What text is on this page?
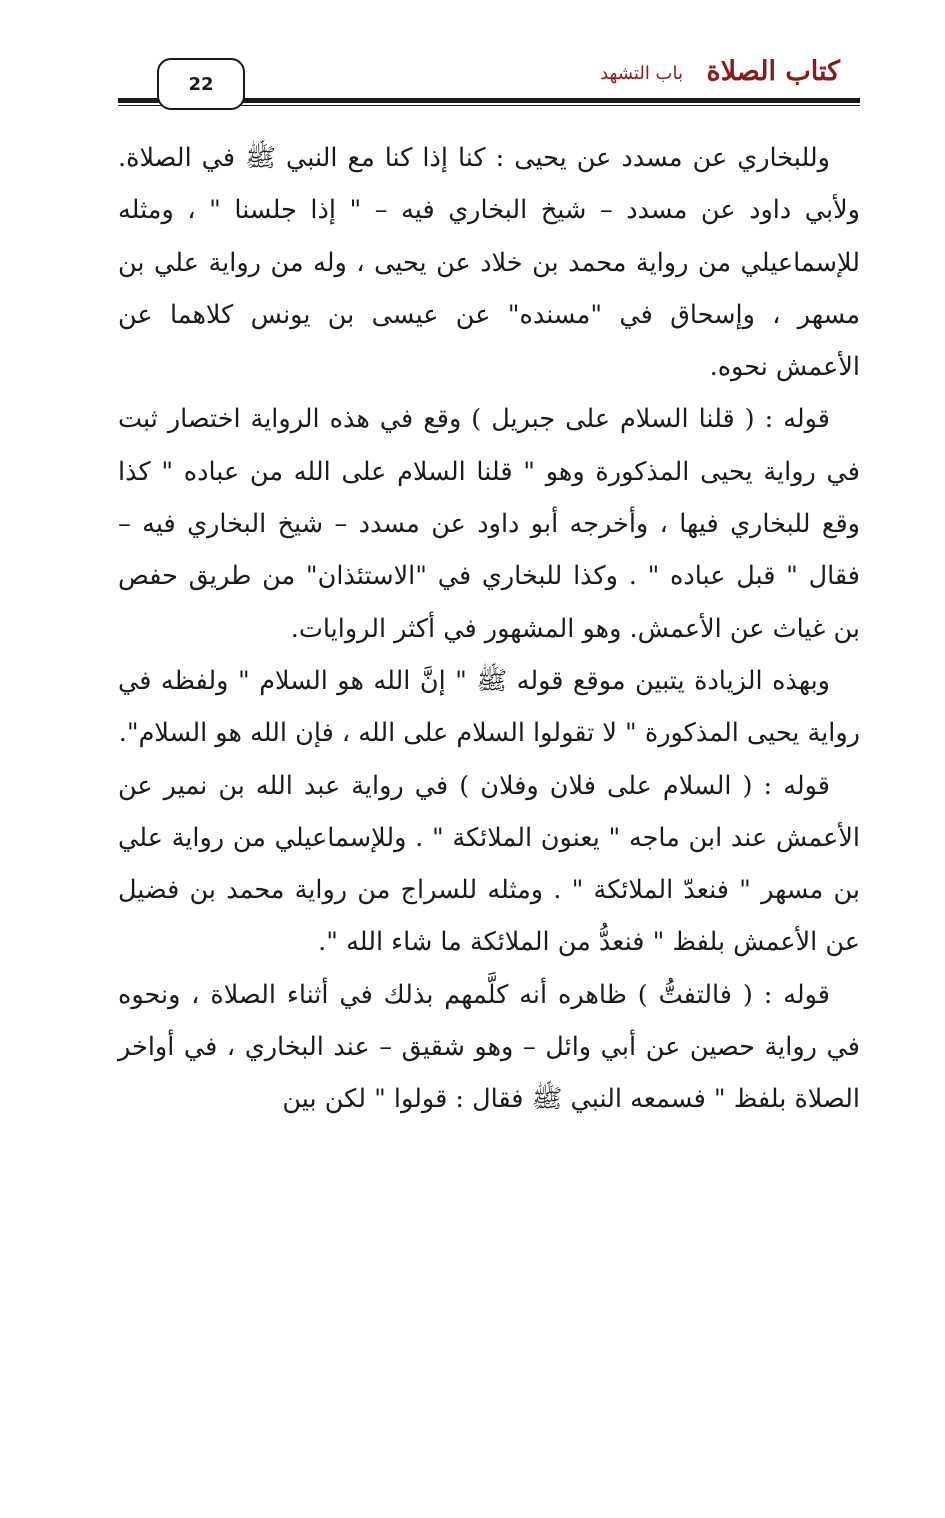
كتاب الصلاة
باب التشهد
22

وللبخاري عن مسدد عن يحيى : كنا إذا كنا مع النبي ﷺ في الصلاة. ولأبي داود عن مسدد – شيخ البخاري فيه – " إذا جلسنا " ، ومثله للإسماعيلي من رواية محمد بن خلاد عن يحيى ، وله من رواية علي بن مسهر ، وإسحاق في "مسنده" عن عيسى بن يونس كلاهما عن الأعمش نحوه.

قوله : ( قلنا السلام على جبريل ) وقع في هذه الرواية اختصار ثبت في رواية يحيى المذكورة وهو " قلنا السلام على الله من عباده " كذا وقع للبخاري فيها ، وأخرجه أبو داود عن مسدد – شيخ البخاري فيه – فقال " قبل عباده " . وكذا للبخاري في "الاستئذان" من طريق حفص بن غياث عن الأعمش. وهو المشهور في أكثر الروايات.

وبهذه الزيادة يتبين موقع قوله ﷺ " إنَّ الله هو السلام " ولفظه في رواية يحيى المذكورة " لا تقولوا السلام على الله ، فإن الله هو السلام".

قوله : ( السلام على فلان وفلان ) في رواية عبد الله بن نمير عن الأعمش عند ابن ماجه " يعنون الملائكة " . وللإسماعيلي من رواية علي بن مسهر " فنعدّ الملائكة " . ومثله للسراج من رواية محمد بن فضيل عن الأعمش بلفظ " فنعدُّ من الملائكة ما شاء الله ".

قوله : ( فالتفتُّ ) ظاهره أنه كلَّمهم بذلك في أثناء الصلاة ، ونحوه في رواية حصين عن أبي وائل – وهو شقيق – عند البخاري ، في أواخر الصلاة بلفظ " فسمعه النبي ﷺ فقال : قولوا " لكن بين
